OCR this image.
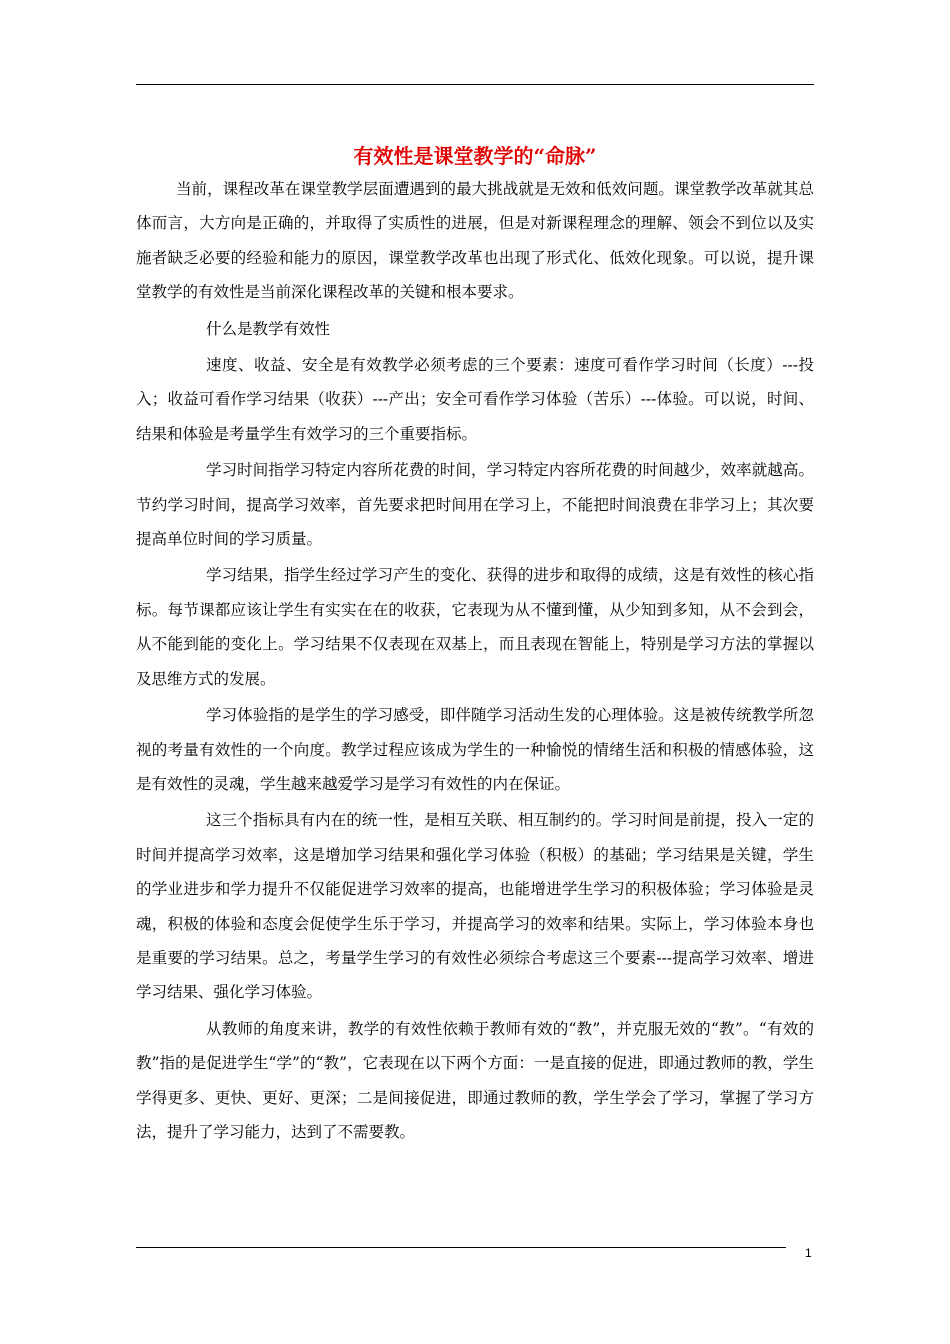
有效性是课堂教学的“命脉”

当前，课程改革在课堂教学层面遭遇到的最大挑战就是无效和低效问题。课堂教学改革就其总体而言，大方向是正确的，并取得了实质性的进展，但是对新课程理念的理解、领会不到位以及实施者缺乏必要的经验和能力的原因，课堂教学改革也出现了形式化、低效化现象。可以说，提升课堂教学的有效性是当前深化课程改革的关键和根本要求。

什么是教学有效性

速度、收益、安全是有效教学必须考虑的三个要素：速度可看作学习时间（长度）---投入；收益可看作学习结果（收获）---产出；安全可看作学习体验（苦乐）---体验。可以说，时间、结果和体验是考量学生有效学习的三个重要指标。

学习时间指学习特定内容所花费的时间，学习特定内容所花费的时间越少，效率就越高。节约学习时间，提高学习效率，首先要求把时间用在学习上，不能把时间浪费在非学习上；其次要提高单位时间的学习质量。

学习结果，指学生经过学习产生的变化、获得的进步和取得的成绩，这是有效性的核心指标。每节课都应该让学生有实实在在的收获，它表现为从不懂到懂，从少知到多知，从不会到会，从不能到能的变化上。学习结果不仅表现在双基上，而且表现在智能上，特别是学习方法的掌握以及思维方式的发展。

学习体验指的是学生的学习感受，即伴随学习活动生发的心理体验。这是被传统教学所忽视的考量有效性的一个向度。教学过程应该成为学生的一种愉悦的情绪生活和积极的情感体验，这是有效性的灵魂，学生越来越爱学习是学习有效性的内在保证。

这三个指标具有内在的统一性，是相互关联、相互制约的。学习时间是前提，投入一定的时间并提高学习效率，这是增加学习结果和强化学习体验（积极）的基础；学习结果是关键，学生的学业进步和学力提升不仅能促进学习效率的提高，也能增进学生学习的积极体验；学习体验是灵魂，积极的体验和态度会促使学生乐于学习，并提高学习的效率和结果。实际上，学习体验本身也是重要的学习结果。总之，考量学生学习的有效性必须综合考虑这三个要素---提高学习效率、增进学习结果、强化学习体验。

从教师的角度来讲，教学的有效性依赖于教师有效的“教”，并克服无效的“教”。“有效的教”指的是促进学生“学”的“教”，它表现在以下两个方面：一是直接的促进，即通过教师的教，学生学得更多、更快、更好、更深；二是间接促进，即通过教师的教，学生学会了学习，掌握了学习方法，提升了学习能力，达到了不需要教。

1
